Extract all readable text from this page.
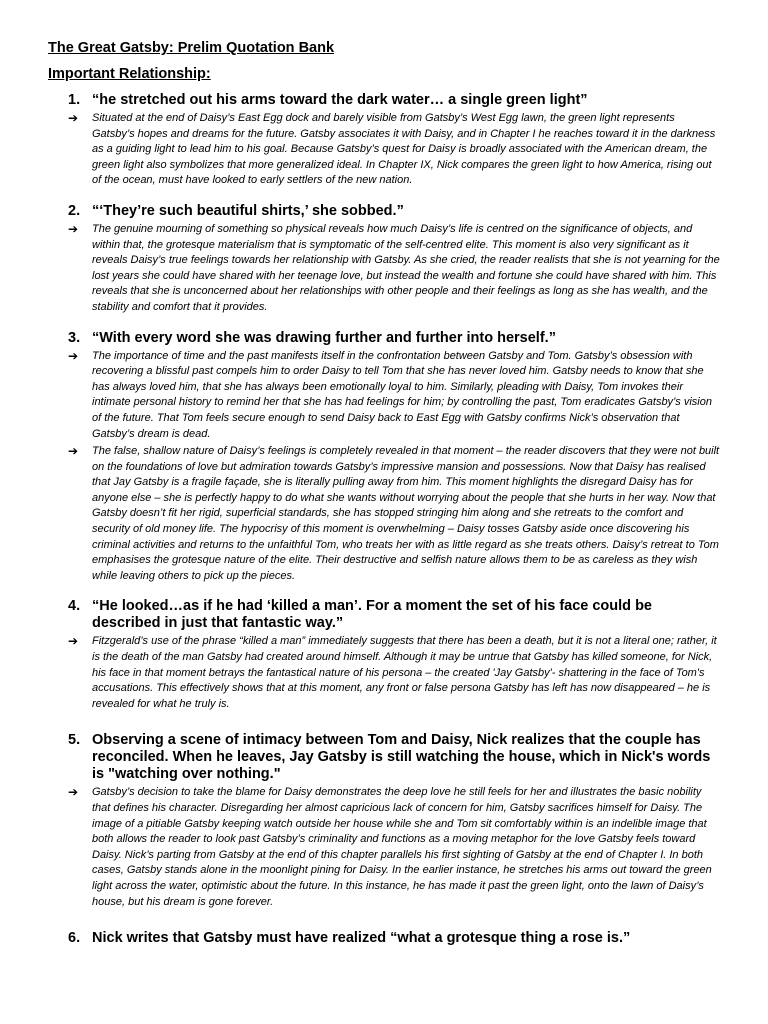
The Great Gatsby: Prelim Quotation Bank
Important Relationship:
1. “he stretched out his arms toward the dark water… a single green light”
➔	Situated at the end of Daisy’s East Egg dock and barely visible from Gatsby’s West Egg lawn, the green light represents Gatsby’s hopes and dreams for the future. Gatsby associates it with Daisy, and in Chapter I he reaches toward it in the darkness as a guiding light to lead him to his goal. Because Gatsby’s quest for Daisy is broadly associated with the American dream, the green light also symbolizes that more generalized ideal. In Chapter IX, Nick compares the green light to how America, rising out of the ocean, must have looked to early settlers of the new nation.
2. “‘They’re such beautiful shirts,’ she sobbed.”
➔	The genuine mourning of something so physical reveals how much Daisy’s life is centred on the significance of objects, and within that, the grotesque materialism that is symptomatic of the self-centred elite. This moment is also very significant as it reveals Daisy’s true feelings towards her relationship with Gatsby. As she cried, the reader realists that she is not yearning for the lost years she could have shared with her teenage love, but instead the wealth and fortune she could have shared with him. This reveals that she is unconcerned about her relationships with other people and their feelings as long as she has wealth, and the stability and comfort that it provides.
3. “With every word she was drawing further and further into herself.”
➔	The importance of time and the past manifests itself in the confrontation between Gatsby and Tom. Gatsby’s obsession with recovering a blissful past compels him to order Daisy to tell Tom that she has never loved him. Gatsby needs to know that she has always loved him, that she has always been emotionally loyal to him. Similarly, pleading with Daisy, Tom invokes their intimate personal history to remind her that she has had feelings for him; by controlling the past, Tom eradicates Gatsby’s vision of the future. That Tom feels secure enough to send Daisy back to East Egg with Gatsby confirms Nick’s observation that Gatsby’s dream is dead.
➔	The false, shallow nature of Daisy’s feelings is completely revealed in that moment – the reader discovers that they were not built on the foundations of love but admiration towards Gatsby’s impressive mansion and possessions. Now that Daisy has realised that Jay Gatsby is a fragile façade, she is literally pulling away from him. This moment highlights the disregard Daisy has for anyone else – she is perfectly happy to do what she wants without worrying about the people that she hurts in her way. Now that Gatsby doesn’t fit her rigid, superficial standards, she has stopped stringing him along and she retreats to the comfort and security of old money life. The hypocrisy of this moment is overwhelming – Daisy tosses Gatsby aside once discovering his criminal activities and returns to the unfaithful Tom, who treats her with as little regard as she treats others. Daisy’s retreat to Tom emphasises the grotesque nature of the elite. Their destructive and selfish nature allows them to be as careless as they wish while leaving others to pick up the pieces.
4. “He looked…as if he had ‘killed a man’. For a moment the set of his face could be described in just that fantastic way.”
➔	Fitzgerald’s use of the phrase “killed a man” immediately suggests that there has been a death, but it is not a literal one; rather, it is the death of the man Gatsby had created around himself. Although it may be untrue that Gatsby has killed someone, for Nick, his face in that moment betrays the fantastical nature of his persona – the created 'Jay Gatsby'- shattering in the face of Tom's accusations. This effectively shows that at this moment, any front or false persona Gatsby has left has now disappeared – he is revealed for what he truly is.
5. Observing a scene of intimacy between Tom and Daisy, Nick realizes that the couple has reconciled. When he leaves, Jay Gatsby is still watching the house, which in Nick's words is "watching over nothing."
➔	Gatsby’s decision to take the blame for Daisy demonstrates the deep love he still feels for her and illustrates the basic nobility that defines his character. Disregarding her almost capricious lack of concern for him, Gatsby sacrifices himself for Daisy. The image of a pitiable Gatsby keeping watch outside her house while she and Tom sit comfortably within is an indelible image that both allows the reader to look past Gatsby’s criminality and functions as a moving metaphor for the love Gatsby feels toward Daisy. Nick’s parting from Gatsby at the end of this chapter parallels his first sighting of Gatsby at the end of Chapter I. In both cases, Gatsby stands alone in the moonlight pining for Daisy. In the earlier instance, he stretches his arms out toward the green light across the water, optimistic about the future. In this instance, he has made it past the green light, onto the lawn of Daisy’s house, but his dream is gone forever.
6. Nick writes that Gatsby must have realized “what a grotesque thing a rose is.”
